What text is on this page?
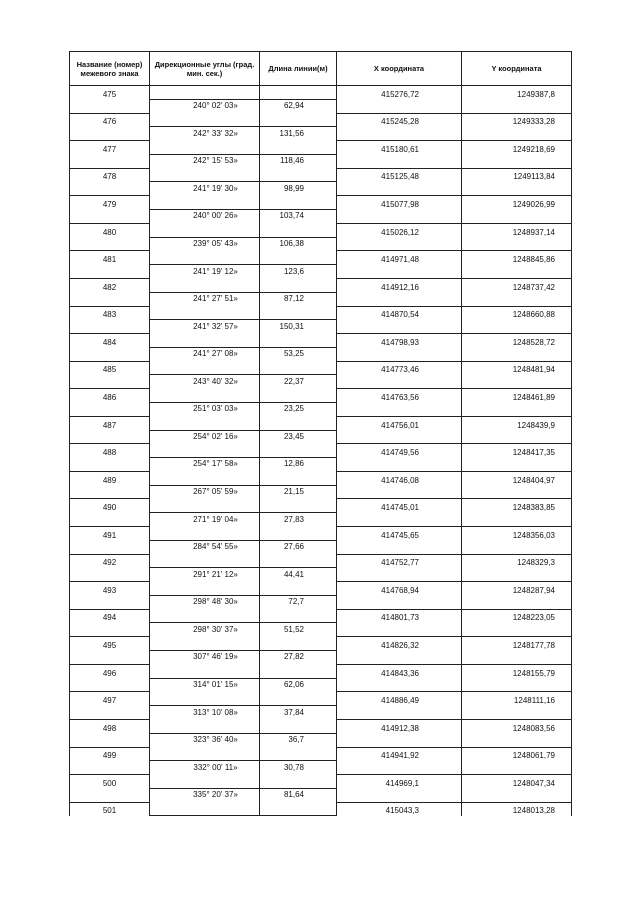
Название (номер) межевого знака	Дирекционные углы (град. мин. сек.)	Длина линии(м)	Х координата	Y координата
475			415276,72	1249387,8
	240° 02' 03»	62,94		
476			415245,28	1249333,28
	242° 33' 32»	131,56		
477			415180,61	1249218,69
	242° 15' 53»	118,46		
478			415125,48	1249113,84
	241° 19' 30»	98,99		
479			415077,98	1249026,99
	240° 00' 26»	103,74		
480			415026,12	1248937,14
	239° 05' 43»	106,38		
481			414971,48	1248845,86
	241° 19' 12»	123,6		
482			414912,16	1248737,42
	241° 27' 51»	87,12		
483			414870,54	1248660,88
	241° 32' 57»	150,31		
484			414798,93	1248528,72
	241° 27' 08»	53,25		
485			414773,46	1248481,94
	243° 40' 32»	22,37		
486			414763,56	1248461,89
	251° 03' 03»	23,25		
487			414756,01	1248439,9
	254° 02' 16»	23,45		
488			414749,56	1248417,35
	254° 17' 58»	12,86		
489			414746,08	1248404,97
	267° 05' 59»	21,15		
490			414745,01	1248383,85
	271° 19' 04»	27,83		
491			414745,65	1248356,03
	284° 54' 55»	27,66		
492			414752,77	1248329,3
	291° 21' 12»	44,41		
493			414768,94	1248287,94
	298° 48' 30»	72,7		
494			414801,73	1248223,05
	298° 30' 37»	51,52		
495			414826,32	1248177,78
	307° 46' 19»	27,82		
496			414843,36	1248155,79
	314° 01' 15»	62,06		
497			414886,49	1248111,16
	313° 10' 08»	37,84		
498			414912,38	1248083,56
	323° 36' 40»	36,7		
499			414941,92	1248061,79
	332° 00' 11»	30,78		
500			414969,1	1248047,34
	335° 20' 37»	81,64		
501			415043,3	1248013,28
